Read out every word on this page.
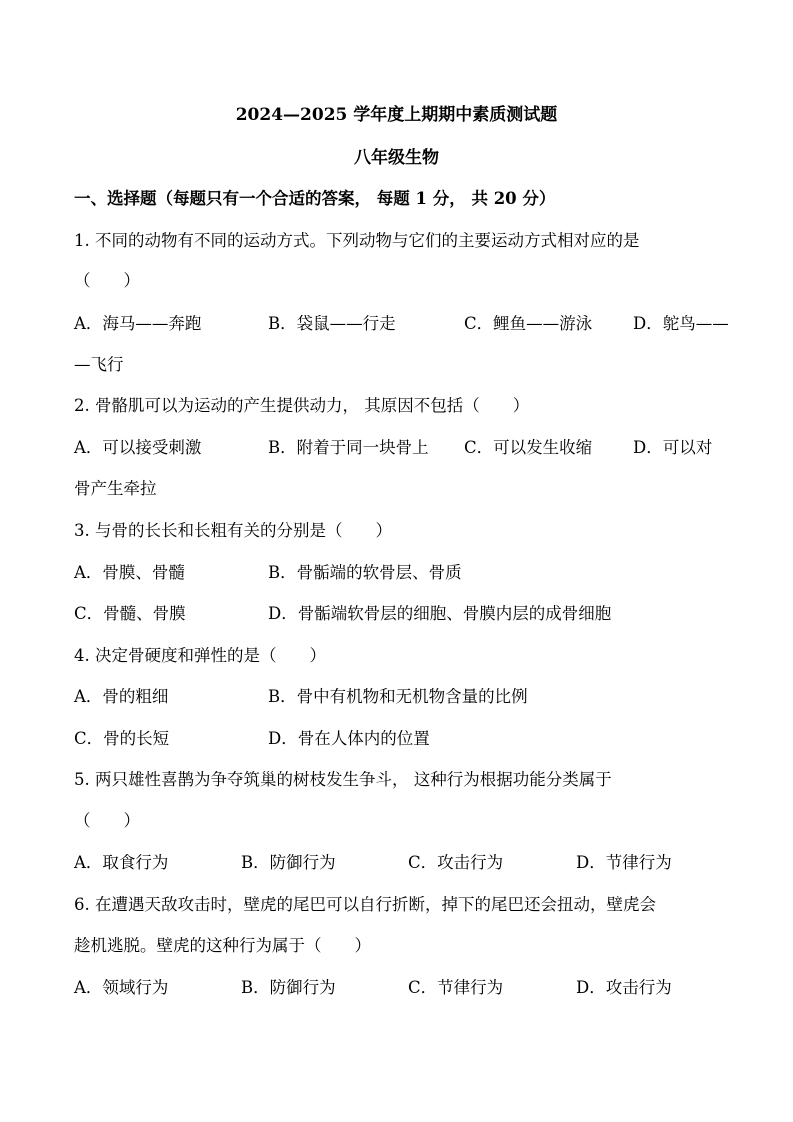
2024—2025 学年度上期期中素质测试题
八年级生物
一、选择题（每题只有一个合适的答案， 每题 1 分， 共 20 分）
1. 不同的动物有不同的运动方式。下列动物与它们的主要运动方式相对应的是
（　　）
A．海马——奔跑	B．袋鼠——行走	C．鲤鱼——游泳 D．鸵鸟——
—飞行
2. 骨骼肌可以为运动的产生提供动力， 其原因不包括（　　）
A．可以接受刺激	B．附着于同一块骨上 C．可以发生收缩 D．可以对
骨产生牵拉
3. 与骨的长长和长粗有关的分别是（　　）
A．骨膜、骨髓	B．骨骺端的软骨层、骨质
C．骨髓、骨膜	D．骨骺端软骨层的细胞、骨膜内层的成骨细胞
4. 决定骨硬度和弹性的是（　　）
A．骨的粗细	B．骨中有机物和无机物含量的比例
C．骨的长短	D．骨在人体内的位置
5. 两只雄性喜鹊为争夺筑巢的树枝发生争斗， 这种行为根据功能分类属于
（　　）
A．取食行为	B．防御行为	C．攻击行为	D．节律行为
6. 在遭遇天敌攻击时，壁虎的尾巴可以自行折断，掉下的尾巴还会扭动，壁虎会
趁机逃脱。壁虎的这种行为属于（　　）
A．领域行为	B．防御行为	C．节律行为	D．攻击行为
